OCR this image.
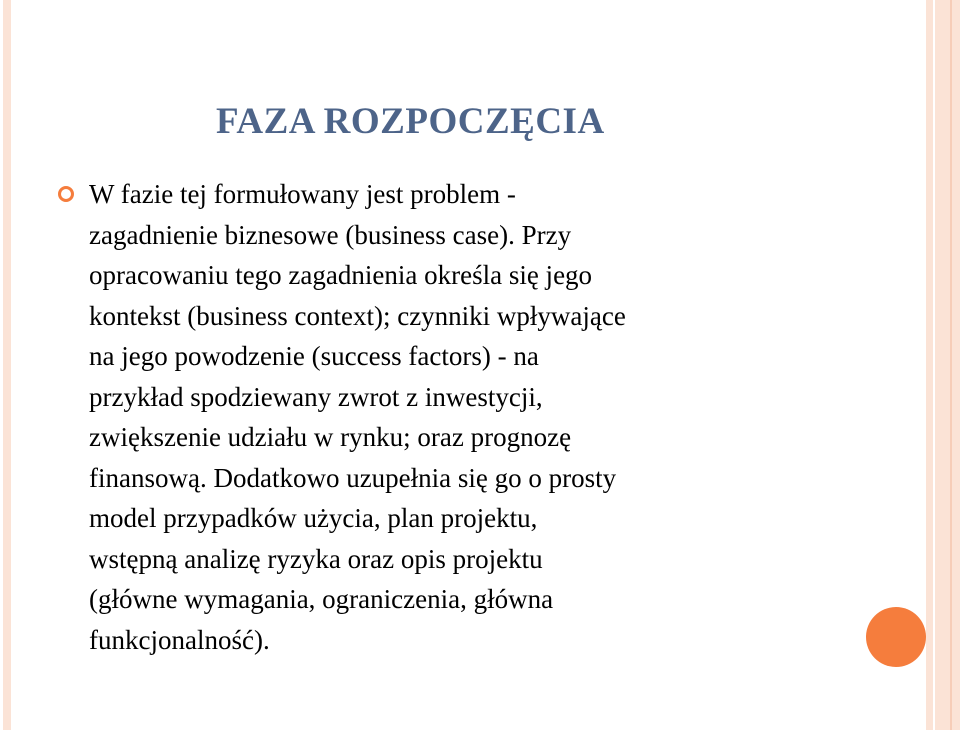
FAZA ROZPOCZĘCIA

W fazie tej formułowany jest problem -
zagadnienie biznesowe (business case). Przy
opracowaniu tego zagadnienia określa się jego
kontekst (business context); czynniki wpływające
na jego powodzenie (success factors) - na
przykład spodziewany zwrot z inwestycji,
zwiększenie udziału w rynku; oraz prognozę
finansową. Dodatkowo uzupełnia się go o prosty
model przypadków użycia, plan projektu,
wstępną analizę ryzyka oraz opis projektu
(główne wymagania, ograniczenia, główna
funkcjonalność).
